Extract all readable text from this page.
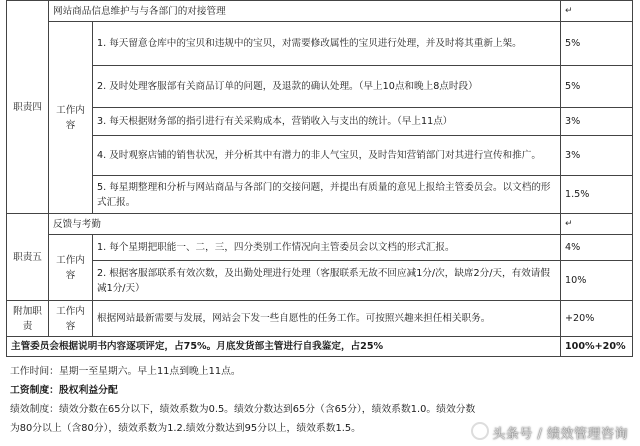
职责四	网站商品信息维护与与各部门的对接管理		↵
	工作内容	1. 每天留意仓库中的宝贝和违规中的宝贝，对需要修改属性的宝贝进行处理，并及时将其重新上架。	5%
		2. 及时处理客服部有关商品订单的问题，及退款的确认处理。（早上10点和晚上8点时段）	5%
		3. 每天根据财务部的指引进行有关采购成本，营销收入与支出的统计。（早上11点）	3%
		4. 及时观察店铺的销售状况，并分析其中有潜力的非人气宝贝，及时告知营销部门对其进行宣传和推广。	3%
		5. 每星期整理和分析与网站商品与各部门的交接问题，并提出有质量的意见上报给主管委员会。以文档的形式汇报。	1.5%
职责五	反馈与考勤		↵
	工作内容	1. 每个星期把职能一、二，三，四分类别工作情况向主管委员会以文档的形式汇报。	4%
		2. 根据客服部联系有效次数，及出勤处理进行处理（客服联系无故不回应减1分/次，缺席2分/天，有效请假减1分/天）	10%
附加职责	工作内容	根据网站最新需要与发展，网站会下发一些自愿性的任务工作。可按照兴趣来担任相关职务。	+20%
主管委员会根据说明书内容逐项评定，占75%。月底发货部主管进行自我鉴定，占25%			100%+20%
工作时间：星期一至星期六。早上11点到晚上11点。
工资制度：股权利益分配
绩效制度：绩效分数在65分以下，绩效系数为0.5。绩效分数达到65分（含65分），绩效系数1.0。绩效分数
为80分以上（含80分），绩效系数为1.2.绩效分数达到95分以上，绩效系数1.5。	头条号 / 绩效管理咨询
